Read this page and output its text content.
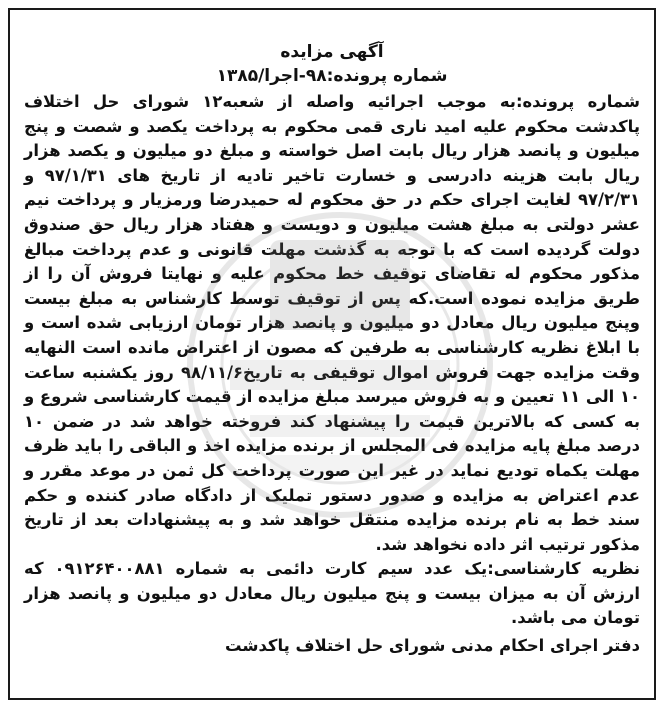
آگهی مزایده

شماره پرونده:۹۸-اجرا/۱۳۸۵

شماره پرونده:به موجب اجرائیه واصله از شعبه۱۲ شورای حل اختلاف پاکدشت محکوم علیه امید ناری قمی محکوم به پرداخت یکصد و شصت و پنج میلیون و پانصد هزار ریال بابت اصل خواسته و مبلغ دو میلیون و یکصد هزار ریال بابت هزینه دادرسی و خسارت تاخیر تادیه از تاریخ های ۹۷/۱/۳۱ و ۹۷/۲/۳۱ لغایت اجرای حکم در حق محکوم له حمیدرضا ورمزیار و پرداخت نیم عشر دولتی به مبلغ هشت میلیون و دویست و هفتاد هزار ریال حق صندوق دولت گردیده است که با توجه به گذشت مهلت قانونی و عدم پرداخت مبالغ مذکور محکوم له تقاضای توقیف خط محکوم علیه و نهایتا فروش آن را از طریق مزایده نموده است.که پس از توقیف توسط کارشناس به مبلغ بیست وپنج میلیون ریال معادل دو میلیون و پانصد هزار تومان ارزیابی شده است و با ابلاغ نظریه کارشناسی به طرفین که مصون از اعتراض مانده است النهایه وقت مزایده جهت فروش اموال توقیفی به تاریخ۹۸/۱۱/۶ روز یکشنبه ساعت ۱۰ الی ۱۱ تعیین و به فروش میرسد مبلغ مزایده از قیمت کارشناسی شروع و به کسی که بالاترین قیمت را پیشنهاد کند فروخته خواهد شد در ضمن ۱۰ درصد مبلغ پایه مزایده فی المجلس از برنده مزایده اخذ و الباقی را باید ظرف مهلت یکماه تودیع نماید در غیر این صورت پرداخت کل ثمن در موعد مقرر و عدم اعتراض به مزایده و صدور دستور تملیک از دادگاه صادر کننده و حکم سند خط به نام برنده مزایده منتقل خواهد شد و به پیشنهادات بعد از تاریخ مذکور ترتیب اثر داده نخواهد شد.

نظریه کارشناسی:یک عدد سیم کارت دائمی به شماره ۰۹۱۲۶۴۰۰۸۸۱ که ارزش آن به میزان بیست و پنج میلیون ریال معادل دو میلیون و پانصد هزار تومان می باشد.

دفتر اجرای احکام مدنی شورای حل اختلاف پاکدشت
